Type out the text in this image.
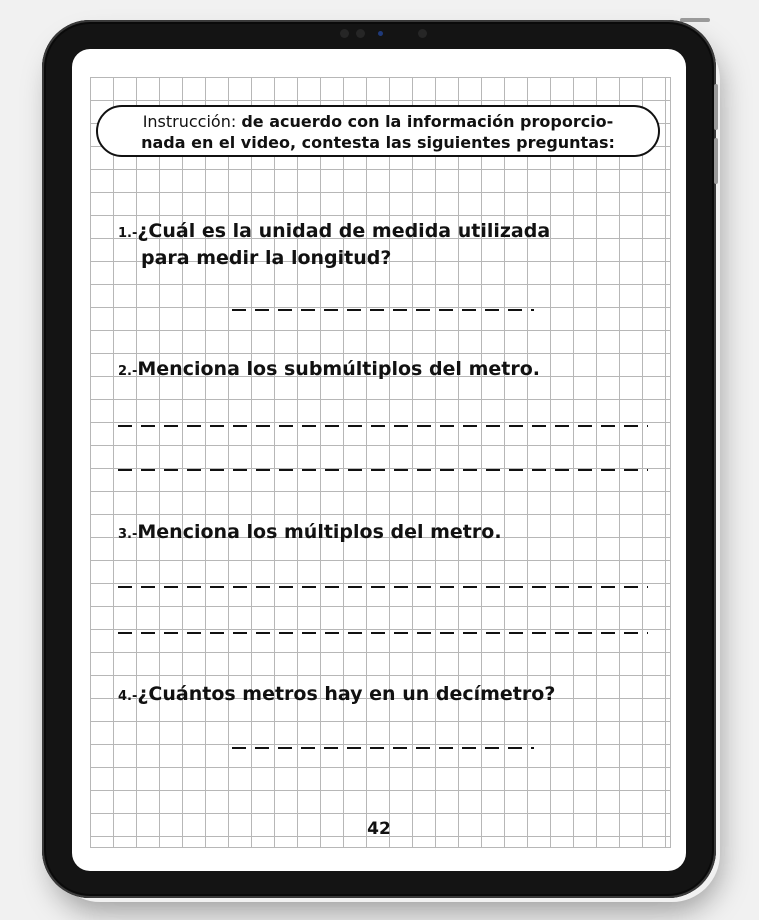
Instrucción: de acuerdo con la información proporcio-
nada en el video, contesta las siguientes preguntas:
1.-¿Cuál es la unidad de medida utilizada
para medir la longitud?
2.-Menciona los submúltiplos del metro.
3.-Menciona los múltiplos del metro.
4.-¿Cuántos metros hay en un decímetro?
42
